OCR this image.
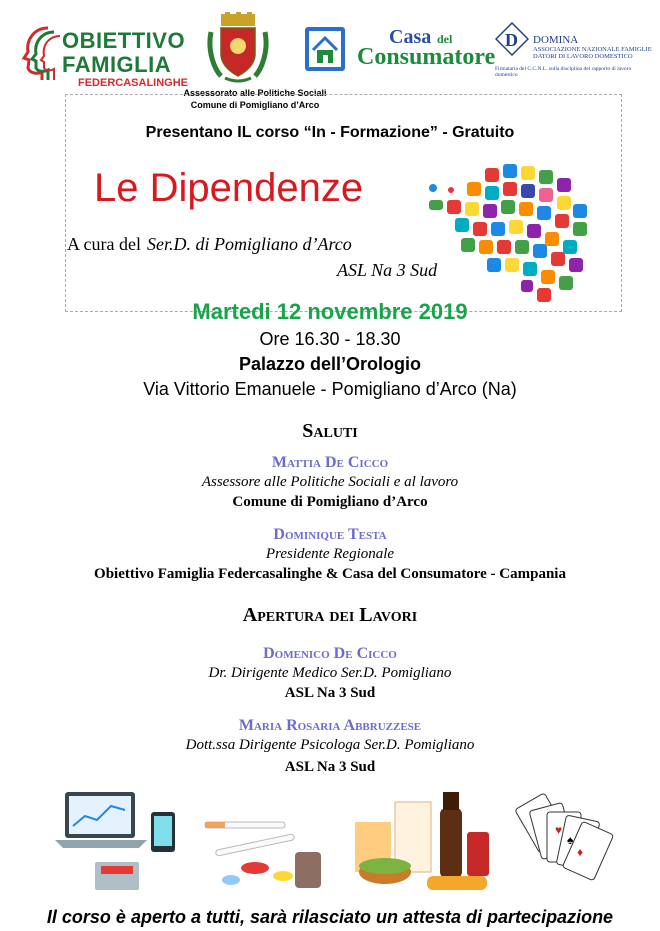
OBIETTIVO
FAMIGLIA
FEDERCASALINGHE
Casa del
Consumatore
D DOMINA
ASSOCIAZIONE NAZIONALE FAMIGLIE DATORI DI LAVORO DOMESTICO
Firmataria del C.C.N.L. sulla disciplina del rapporto di lavoro domestico
Assessorato alle Politiche Sociali
Comune di Pomigliano d’Arco
Presentano IL corso “In - Formazione” - Gratuito
Le Dipendenze
A cura del Ser.D. di Pomigliano d’Arco
ASL Na 3 Sud
Martedi 12 novembre 2019
Ore 16.30 - 18.30
Palazzo dell’Orologio
Via Vittorio Emanuele - Pomigliano d’Arco (Na)
Saluti
Mattia De Cicco
Assessore alle Politiche Sociali e al lavoro
Comune di Pomigliano d’Arco
Dominique Testa
Presidente Regionale
Obiettivo Famiglia Federcasalinghe & Casa del Consumatore - Campania
Apertura dei Lavori
Domenico De Cicco
Dr. Dirigente Medico Ser.D. Pomigliano
ASL Na 3 Sud
Maria Rosaria Abbruzzese
Dott.ssa Dirigente Psicologa Ser.D. Pomigliano
ASL Na 3 Sud
♥
♠
♦
Il corso è aperto a tutti, sarà rilasciato un attesta di partecipazione
